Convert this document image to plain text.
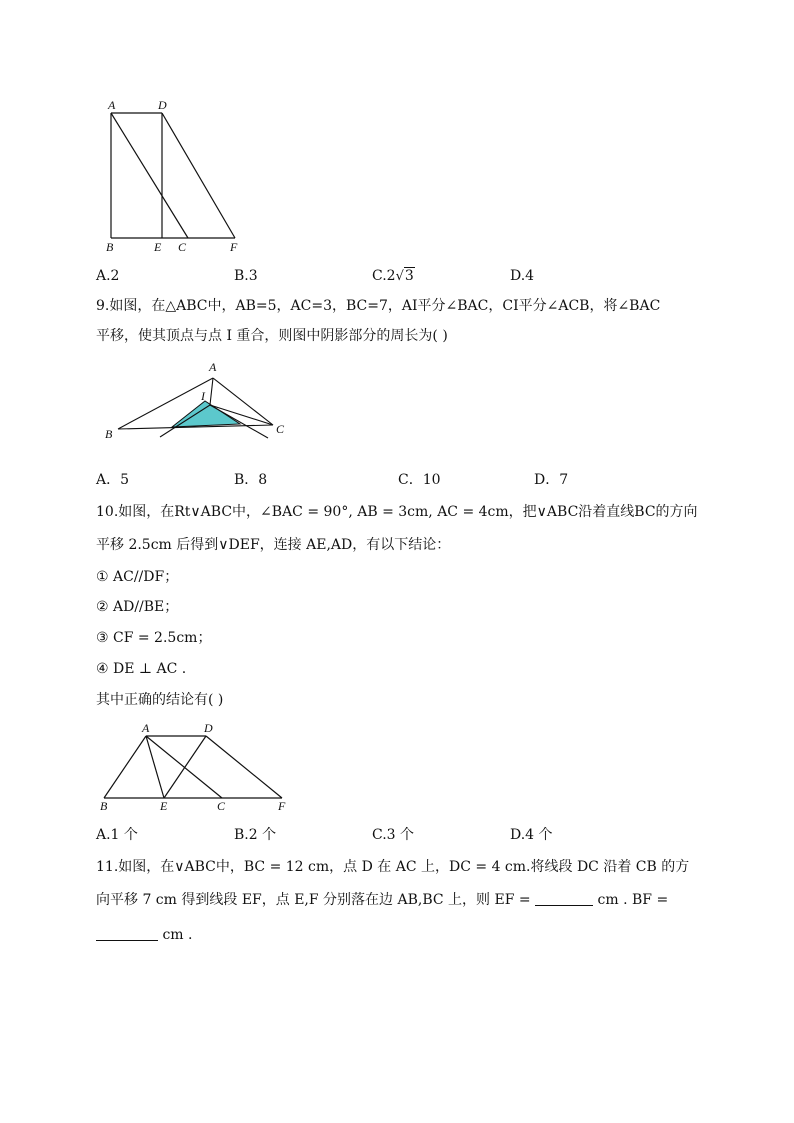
A	D
B	E C	F
A.2	B.3	C.2√3	D.4
9.如图，在△ABC中，AB=5，AC=3，BC=7，AI平分∠BAC，CI平分∠ACB，将∠BAC
平移，使其顶点与点 I 重合，则图中阴影部分的周长为( )
A
I
B	C
A．5	B．8	C．10	D．7
10.如图，在Rt∨ABC中，∠BAC = 90°, AB = 3cm, AC = 4cm，把∨ABC沿着直线BC的方向
平移 2.5cm 后得到∨DEF，连接 AE,AD，有以下结论：
① AC//DF；
② AD//BE；
③ CF = 2.5cm；
④ DE ⊥ AC .
其中正确的结论有( )
A	D
B	E	C	F
A.1 个	B.2 个	C.3 个	D.4 个
11.如图，在∨ABC中，BC = 12 cm，点 D 在 AC 上，DC = 4 cm.将线段 DC 沿着 CB 的方
向平移 7 cm 得到线段 EF，点 E,F 分别落在边 AB,BC 上，则 EF =	cm . BF =
cm .
